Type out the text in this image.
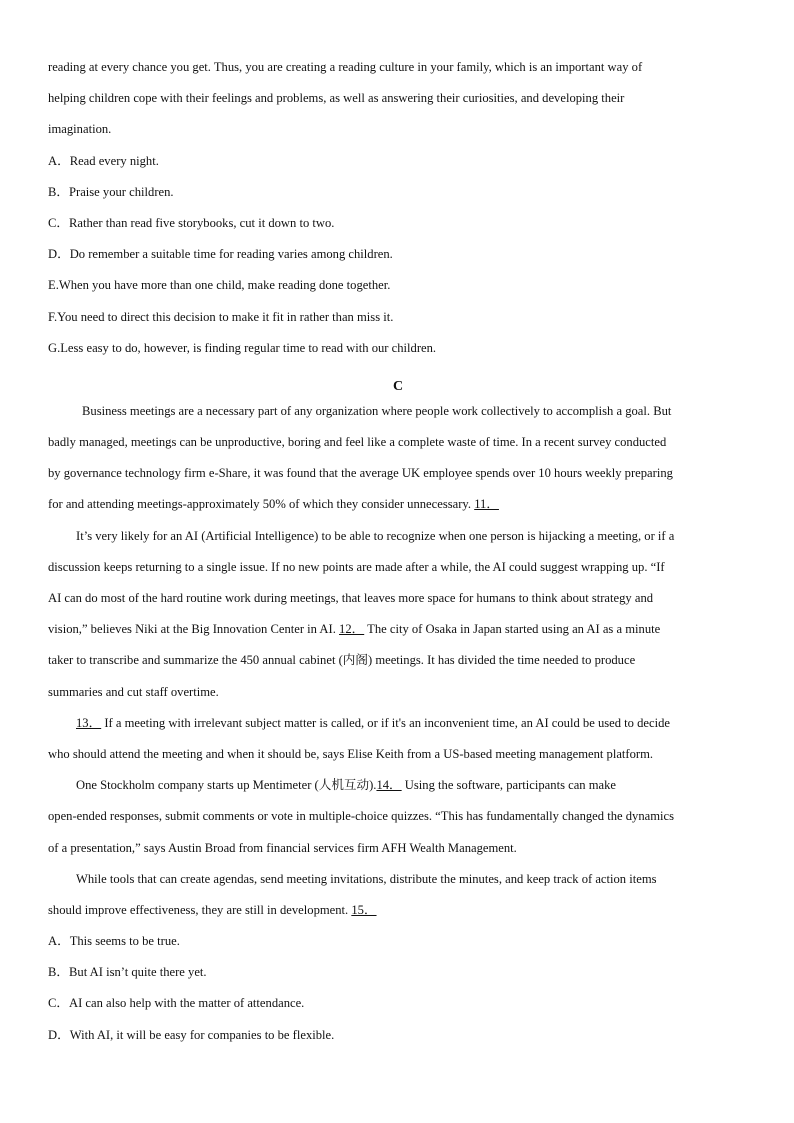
reading at every chance you get. Thus, you are creating a reading culture in your family, which is an important way of
helping children cope with their feelings and problems, as well as answering their curiosities, and developing their
imagination.
A．Read every night.
B．Praise your children.
C．Rather than read five storybooks, cut it down to two.
D．Do remember a suitable time for reading varies among children.
E.When you have more than one child, make reading done together.
F.You need to direct this decision to make it fit in rather than miss it.
G.Less easy to do, however, is finding regular time to read with our children.
C
Business meetings are a necessary part of any organization where people work collectively to accomplish a goal. But
badly managed, meetings can be unproductive, boring and feel like a complete waste of time. In a recent survey conducted
by governance technology firm e-Share, it was found that the average UK employee spends over 10 hours weekly preparing
for and attending meetings-approximately 50% of which they consider unnecessary. 11．
It’s very likely for an AI (Artificial Intelligence) to be able to recognize when one person is hijacking a meeting, or if a
discussion keeps returning to a single issue. If no new points are made after a while, the AI could suggest wrapping up. “If
AI can do most of the hard routine work during meetings, that leaves more space for humans to think about strategy and
vision,” believes Niki at the Big Innovation Center in AI. 12． The city of Osaka in Japan started using an AI as a minute
taker to transcribe and summarize the 450 annual cabinet (内阁) meetings. It has divided the time needed to produce
summaries and cut staff overtime.
13． If a meeting with irrelevant subject matter is called, or if it's an inconvenient time, an AI could be used to decide
who should attend the meeting and when it should be, says Elise Keith from a US-based meeting management platform.
One Stockholm company starts up Mentimeter (人机互动).14． Using the software, participants can make
open-ended responses, submit comments or vote in multiple-choice quizzes. “This has fundamentally changed the dynamics
of a presentation,” says Austin Broad from financial services firm AFH Wealth Management.
While tools that can create agendas, send meeting invitations, distribute the minutes, and keep track of action items
should improve effectiveness, they are still in development. 15．
A．This seems to be true.
B．But AI isn’t quite there yet.
C．AI can also help with the matter of attendance.
D．With AI, it will be easy for companies to be flexible.
